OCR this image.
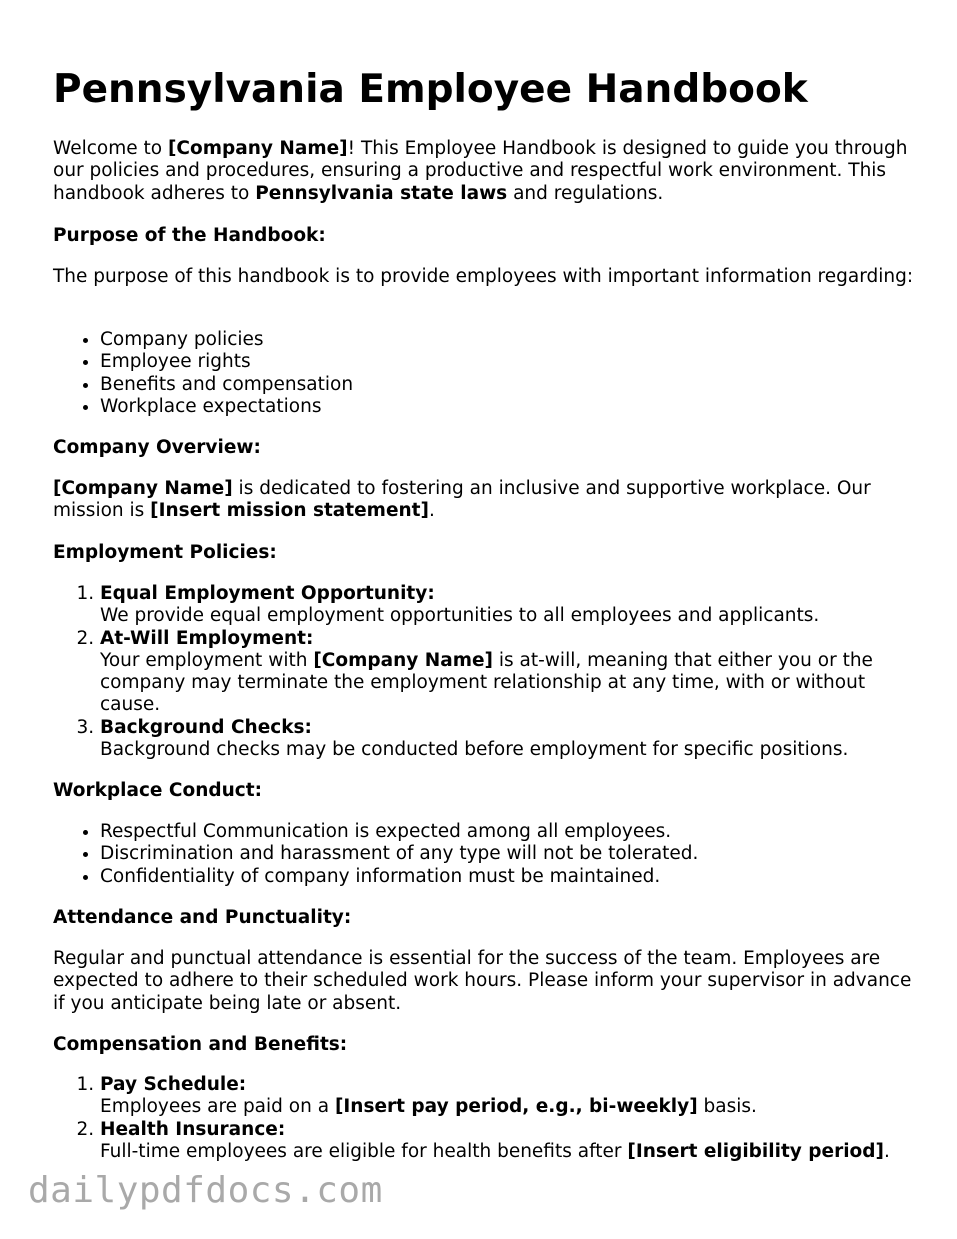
Pennsylvania Employee Handbook

Welcome to [Company Name]! This Employee Handbook is designed to guide you through our policies and procedures, ensuring a productive and respectful work environment. This handbook adheres to Pennsylvania state laws and regulations.

Purpose of the Handbook:

The purpose of this handbook is to provide employees with important information regarding:

• Company policies
• Employee rights
• Benefits and compensation
• Workplace expectations

Company Overview:

[Company Name] is dedicated to fostering an inclusive and supportive workplace. Our mission is [Insert mission statement].

Employment Policies:

1. Equal Employment Opportunity:
We provide equal employment opportunities to all employees and applicants.
2. At-Will Employment:
Your employment with [Company Name] is at-will, meaning that either you or the company may terminate the employment relationship at any time, with or without cause.
3. Background Checks:
Background checks may be conducted before employment for specific positions.

Workplace Conduct:

• Respectful Communication is expected among all employees.
• Discrimination and harassment of any type will not be tolerated.
• Confidentiality of company information must be maintained.

Attendance and Punctuality:

Regular and punctual attendance is essential for the success of the team. Employees are expected to adhere to their scheduled work hours. Please inform your supervisor in advance if you anticipate being late or absent.

Compensation and Benefits:

1. Pay Schedule:
Employees are paid on a [Insert pay period, e.g., bi-weekly] basis.
2. Health Insurance:
Full-time employees are eligible for health benefits after [Insert eligibility period].
dailypdfdocs.com
